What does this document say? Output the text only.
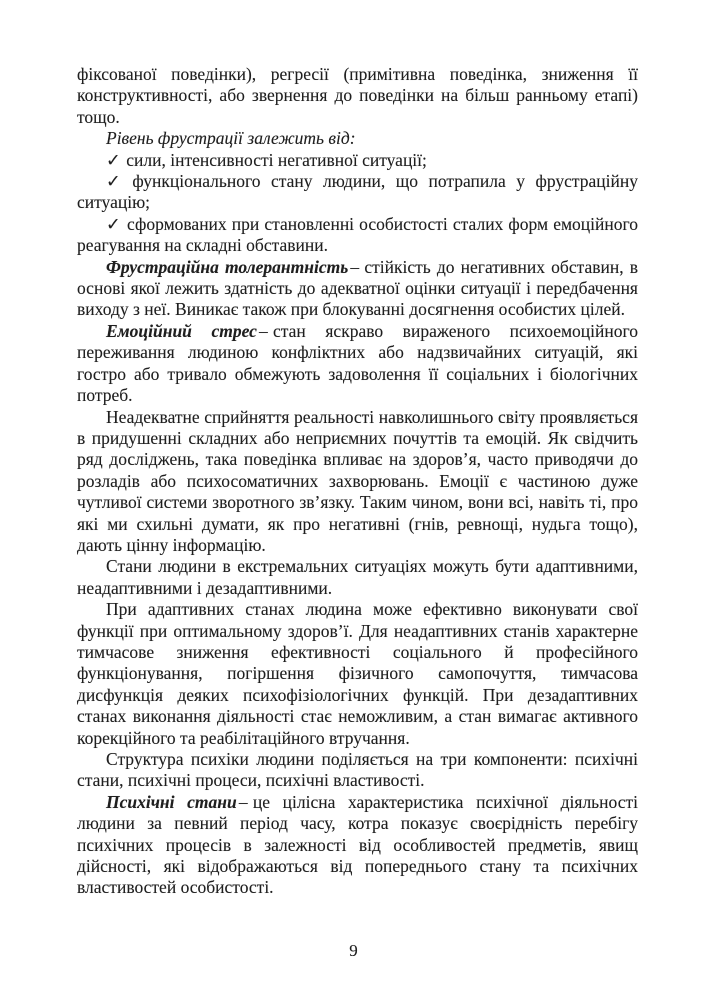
фіксованої поведінки), регресії (примітивна поведінка, зниження її конструктивності, або звернення до поведінки на більш ранньому етапі) тощо.

Рівень фрустрації залежить від:

✓ сили, інтенсивності негативної ситуації;

✓ функціонального стану людини, що потрапила у фрустраційну ситуацію;

✓ сформованих при становленні особистості сталих форм емоційного реагування на складні обставини.

Фрустраційна толерантність – стійкість до негативних обставин, в основі якої лежить здатність до адекватної оцінки ситуації і передбачення виходу з неї. Виникає також при блокуванні досягнення особистих цілей.

Емоційний стрес – стан яскраво вираженого психоемоційного переживання людиною конфліктних або надзвичайних ситуацій, які гостро або тривало обмежують задоволення її соціальних і біологічних потреб.

Неадекватне сприйняття реальності навколишнього світу проявляється в придушенні складних або неприємних почуттів та емоцій. Як свідчить ряд досліджень, така поведінка впливає на здоров’я, часто приводячи до розладів або психосоматичних захворювань. Емоції є частиною дуже чутливої системи зворотного зв’язку. Таким чином, вони всі, навіть ті, про які ми схильні думати, як про негативні (гнів, ревнощі, нудьга тощо), дають цінну інформацію.

Стани людини в екстремальних ситуаціях можуть бути адаптивними, неадаптивними і дезадаптивними.

При адаптивних станах людина може ефективно виконувати свої функції при оптимальному здоров’ї. Для неадаптивних станів характерне тимчасове зниження ефективності соціального й професійного функціонування, погіршення фізичного самопочуття, тимчасова дисфункція деяких психофізіологічних функцій. При дезадаптивних станах виконання діяльності стає неможливим, а стан вимагає активного корекційного та реабілітаційного втручання.

Структура психіки людини поділяється на три компоненти: психічні стани, психічні процеси, психічні властивості.

Психічні стани – це цілісна характеристика психічної діяльності людини за певний період часу, котра показує своєрідність перебігу психічних процесів в залежності від особливостей предметів, явищ дійсності, які відображаються від попереднього стану та психічних властивостей особистості.

9
